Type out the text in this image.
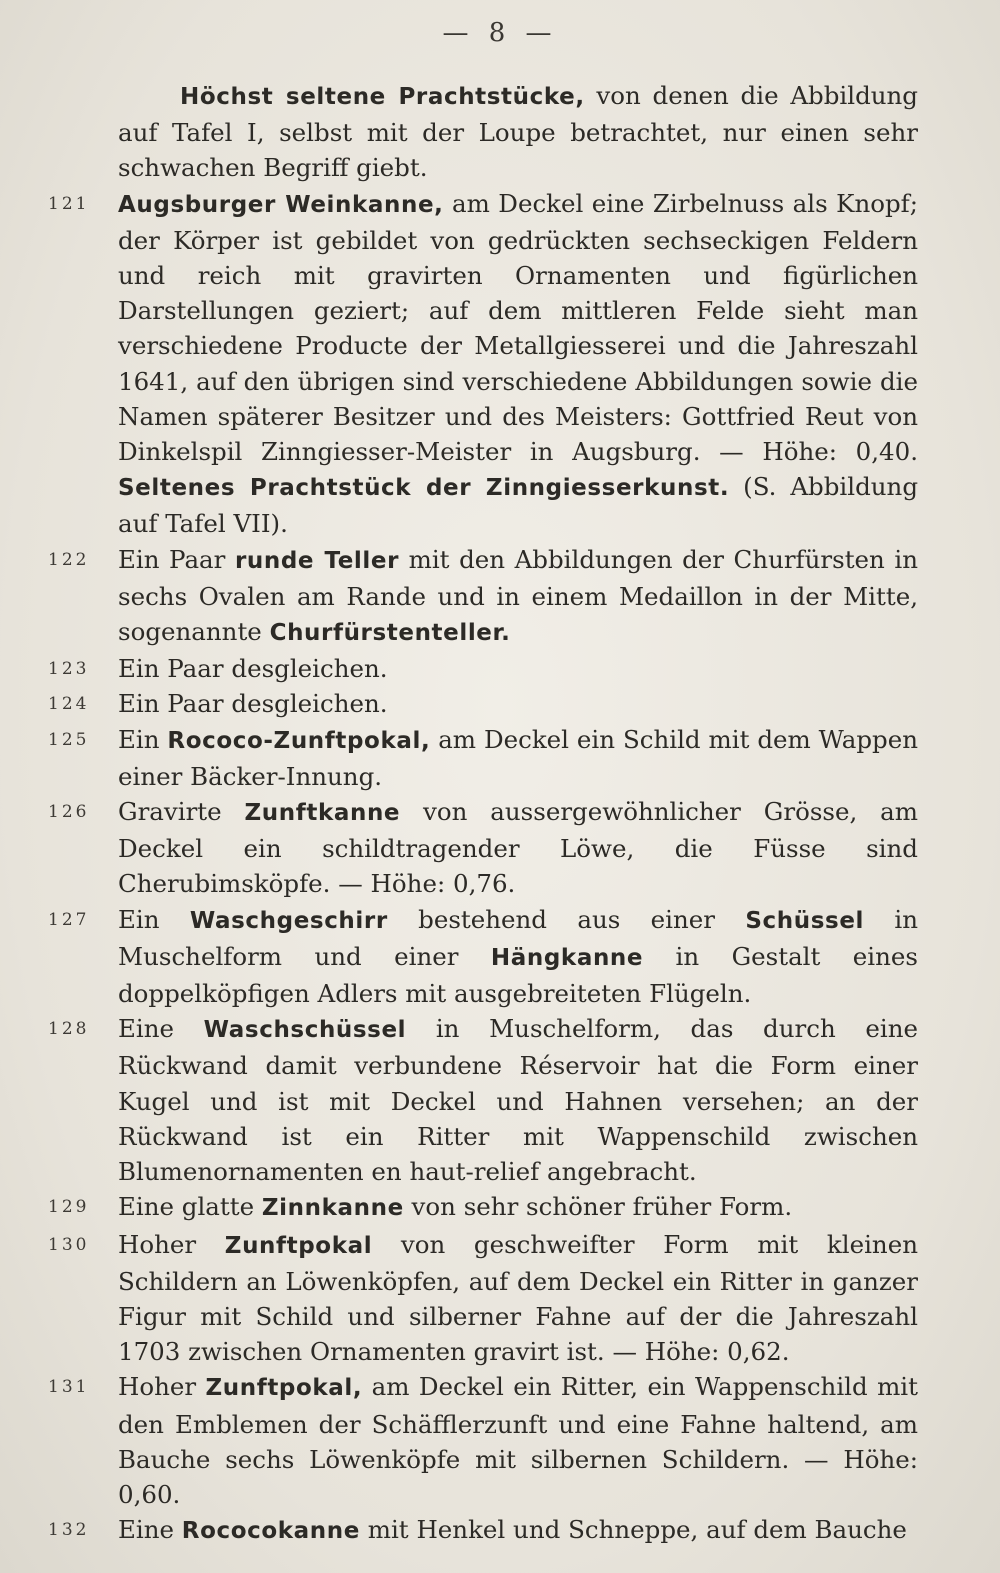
— 8 —

Höchst seltene Prachtstücke, von denen die Abbildung auf Tafel I, selbst mit der Loupe betrachtet, nur einen sehr schwachen Begriff giebt.

121	Augsburger Weinkanne, am Deckel eine Zirbelnuss als Knopf; der Körper ist gebildet von gedrückten sechseckigen Feldern und reich mit gravirten Ornamenten und figürlichen Darstellungen geziert; auf dem mittleren Felde sieht man verschiedene Producte der Metallgiesserei und die Jahreszahl 1641, auf den übrigen sind verschiedene Abbildungen sowie die Namen späterer Besitzer und des Meisters: Gottfried Reut von Dinkelspil Zinngiesser-Meister in Augsburg. — Höhe: 0,40. Seltenes Prachtstück der Zinngiesserkunst. (S. Abbildung auf Tafel VII).

122	Ein Paar runde Teller mit den Abbildungen der Churfürsten in sechs Ovalen am Rande und in einem Medaillon in der Mitte, sogenannte Churfürstenteller.

123	Ein Paar desgleichen.

124	Ein Paar desgleichen.

125	Ein Rococo-Zunftpokal, am Deckel ein Schild mit dem Wappen einer Bäcker-Innung.

126	Gravirte Zunftkanne von aussergewöhnlicher Grösse, am Deckel ein schildtragender Löwe, die Füsse sind Cherubimsköpfe. — Höhe: 0,76.

127	Ein Waschgeschirr bestehend aus einer Schüssel in Muschelform und einer Hängkanne in Gestalt eines doppelköpfigen Adlers mit ausgebreiteten Flügeln.

128	Eine Waschschüssel in Muschelform, das durch eine Rückwand damit verbundene Réservoir hat die Form einer Kugel und ist mit Deckel und Hahnen versehen; an der Rückwand ist ein Ritter mit Wappenschild zwischen Blumenornamenten en haut-relief angebracht.

129	Eine glatte Zinnkanne von sehr schöner früher Form.

130	Hoher Zunftpokal von geschweifter Form mit kleinen Schildern an Löwenköpfen, auf dem Deckel ein Ritter in ganzer Figur mit Schild und silberner Fahne auf der die Jahreszahl 1703 zwischen Ornamenten gravirt ist. — Höhe: 0,62.

131	Hoher Zunftpokal, am Deckel ein Ritter, ein Wappenschild mit den Emblemen der Schäfflerzunft und eine Fahne haltend, am Bauche sechs Löwenköpfe mit silbernen Schildern. — Höhe: 0,60.

132	Eine Rococokanne mit Henkel und Schneppe, auf dem Bauche
